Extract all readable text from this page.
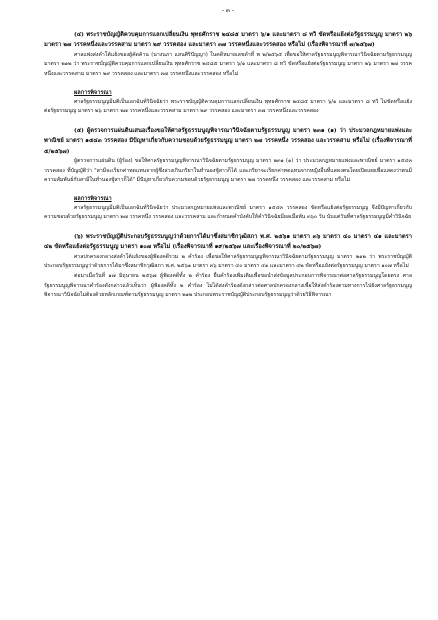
- ๓ -

(๔) พระราชบัญญัติควบคุมการแลกเปลี่ยนเงิน พุทธศักราช ๒๔๘๕ มาตรา ๖/๑ และมาตรา ๘ ทวิ ขัดหรือแย้งต่อรัฐธรรมนูญ มาตรา ๒๖ มาตรา ๒๗ วรรคหนึ่งและวรรคสาม มาตรา ๒๙ วรรคสอง และมาตรา ๓๗ วรรคหนึ่งและวรรคสอง หรือไม่ (เรื่องพิจารณาที่ ๗/๒๕๖๗)

ศาลแพ่งส่งคำโต้แย้งของผู้คัดค้าน (นางนภา แสนศิริปัญญา) ในคดีหมายเลขดำที่ พ ๒/๒๕๖๕ เพื่อขอให้ศาลรัฐธรรมนูญพิจารณาวินิจฉัยตามรัฐธรรมนูญ มาตรา ๒๑๒ ว่า พระราชบัญญัติควบคุมการแลกเปลี่ยนเงิน พุทธศักราช ๒๔๘๕ มาตรา ๖/๑ และมาตรา ๘ ทวิ ขัดหรือแย้งต่อรัฐธรรมนูญ มาตรา ๒๖ มาตรา ๒๗ วรรคหนึ่งและวรรคสาม มาตรา ๒๙ วรรคสอง และมาตรา ๓๗ วรรคหนึ่งและวรรคสอง หรือไม่

ผลการพิจารณา

ศาลรัฐธรรมนูญมีมติเป็นเอกฉันท์วินิจฉัยว่า พระราชบัญญัติควบคุมการแลกเปลี่ยนเงิน พุทธศักราช ๒๔๘๕ มาตรา ๖/๑ และมาตรา ๘ ทวิ ไม่ขัดหรือแย้งต่อรัฐธรรมนูญ มาตรา ๒๖ มาตรา ๒๗ วรรคหนึ่งและวรรคสาม มาตรา ๒๙ วรรคสอง และมาตรา ๓๗ วรรคหนึ่งและวรรคสอง

(๕) ผู้ตรวจการแผ่นดินเสนอเรื่องขอให้ศาลรัฐธรรมนูญพิจารณาวินิจฉัยตามรัฐธรรมนูญ มาตรา ๒๓๑ (๑) ว่า ประมวลกฎหมายแพ่งและพาณิชย์ มาตรา ๑๕๔๓ วรรคสอง มีปัญหาเกี่ยวกับความชอบด้วยรัฐธรรมนูญ มาตรา ๒๗ วรรคหนึ่ง วรรคสอง และวรรคสาม หรือไม่ (เรื่องพิจารณาที่ ๕/๒๕๖๗)

ผู้ตรวจการแผ่นดิน (ผู้ร้อง) ขอให้ศาลรัฐธรรมนูญพิจารณาวินิจฉัยตามรัฐธรรมนูญ มาตรา ๒๓๑ (๑) ว่า ประมวลกฎหมายแพ่งและพาณิชย์ มาตรา ๑๕๔๓ วรรคสอง ที่บัญญัติว่า "สามีจะเรียกค่าทดแทนจากผู้ซึ่งล่วงเกินภริยาในทำนองชู้สาวก็ได้ และภริยาจะเรียกค่าทดแทนจากหญิงอื่นที่แสดงตนโดยเปิดเผยเพื่อแสดงว่าตนมีความสัมพันธ์กับสามีในทำนองชู้สาวก็ได้" มีปัญหาเกี่ยวกับความชอบด้วยรัฐธรรมนูญ มาตรา ๒๗ วรรคหนึ่ง วรรคสอง และวรรคสาม หรือไม่

ผลการพิจารณา

ศาลรัฐธรรมนูญมีมติเป็นเอกฉันท์วินิจฉัยว่า ประมวลกฎหมายแพ่งและพาณิชย์ มาตรา ๑๕๔๓ วรรคสอง ขัดหรือแย้งต่อรัฐธรรมนูญ จึงมีปัญหาเกี่ยวกับความชอบด้วยรัฐธรรมนูญ มาตรา ๒๗ วรรคหนึ่ง วรรคสอง และวรรคสาม และกำหนดคำบังคับให้คำวินิจฉัยมีผลเมื่อพ้น ๓๖๐ วัน นับแต่วันที่ศาลรัฐธรรมนูญมีคำวินิจฉัย

(๖) พระราชบัญญัติประกอบรัฐธรรมนูญว่าด้วยการได้มาซึ่งสมาชิกวุฒิสภา พ.ศ. ๒๕๖๑ มาตรา ๓๖ มาตรา ๔๐ มาตรา ๔๑ และมาตรา ๔๒ ขัดหรือแย้งต่อรัฐธรรมนูญ มาตรา ๑๐๗ หรือไม่ (เรื่องพิจารณาที่ ๑๙/๒๕๖๗ และเรื่องพิจารณาที่ ๒๐/๒๕๖๗)

ศาลปกครองกลางส่งคำโต้แย้งของผู้ฟ้องคดีรวม ๒ คำร้อง เพื่อขอให้ศาลรัฐธรรมนูญพิจารณาวินิจฉัยตามรัฐธรรมนูญ มาตรา ๒๑๒ ว่า พระราชบัญญัติประกอบรัฐธรรมนูญว่าด้วยการได้มาซึ่งสมาชิกวุฒิสภา พ.ศ. ๒๕๖๑ มาตรา ๓๖ มาตรา ๔๐ มาตรา ๔๑ และมาตรา ๔๒ ขัดหรือแย้งต่อรัฐธรรมนูญ มาตรา ๑๐๗ หรือไม่

ต่อมาเมื่อวันที่ ๑๗ มิถุนายน ๒๕๖๗ ผู้ฟ้องคดีทั้ง ๒ คำร้อง ยื่นคำร้องเพิ่มเติมเพื่อขอนำส่งข้อมูลประกอบการพิจารณาต่อศาลรัฐธรรมนูญโดยตรง ศาลรัฐธรรมนูญพิจารณาคำร้องดังกล่าวแล้วเห็นว่า ผู้ฟ้องคดีทั้ง ๒ คำร้อง ไม่ได้ส่งคำร้องดังกล่าวต่อศาลปกครองกลางเพื่อให้ส่งคำร้องตามทางการไปยังศาลรัฐธรรมนูญพิจารณาวินิจฉัยไม่ต้องด้วยหลักเกณฑ์ตามรัฐธรรมนูญ มาตรา ๒๑๒ ประกอบพระราชบัญญัติประกอบรัฐธรรมนูญว่าด้วยวิธีพิจารณา
